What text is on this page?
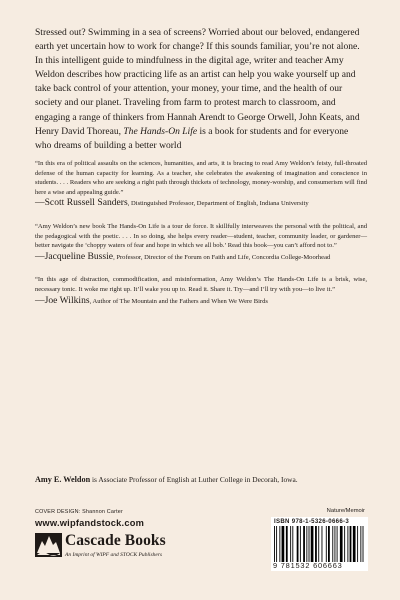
Stressed out? Swimming in a sea of screens? Worried about our beloved, endangered earth yet uncertain how to work for change? If this sounds familiar, you’re not alone. In this intelligent guide to mindfulness in the digital age, writer and teacher Amy Weldon describes how practicing life as an artist can help you wake yourself up and take back control of your attention, your money, your time, and the health of our society and our planet. Traveling from farm to protest march to classroom, and engaging a range of thinkers from Hannah Arendt to George Orwell, John Keats, and Henry David Thoreau, The Hands-On Life is a book for students and for everyone who dreams of building a better world

“In this era of political assaults on the sciences, humanities, and arts, it is bracing to read Amy Weldon’s feisty, full-throated defense of the human capacity for learning. As a teacher, she celebrates the awakening of imagination and conscience in students. . . . Readers who are seeking a right path through thickets of technology, money-worship, and consumerism will find here a wise and appealing guide.”

—Scott Russell Sanders, Distinguished Professor, Department of English, Indiana University

“Amy Weldon’s new book The Hands-On Life is a tour de force. It skillfully interweaves the personal with the political, and the pedagogical with the poetic. . . . In so doing, she helps every reader—student, teacher, community leader, or gardener—better navigate the ‘choppy waters of fear and hope in which we all bob.’ Read this book—you can’t afford not to.”

—Jacqueline Bussie, Professor, Director of the Forum on Faith and Life, Concordia College-Moorhead

“In this age of distraction, commodification, and misinformation, Amy Weldon’s The Hands-On Life is a brisk, wise, necessary tonic. It woke me right up. It’ll wake you up to. Read it. Share it. Try—and I’ll try with you—to live it.”

—Joe Wilkins, Author of The Mountain and the Fathers and When We Were Birds

Amy E. Weldon is Associate Professor of English at Luther College in Decorah, Iowa.

COVER DESIGN: Shannon Carter
www.wipfandstock.com
Cascade Books
An Imprint of WIPF and STOCK Publishers
Nature/Memoir
ISBN 978-1-5326-0666-3
9 781532 606663
